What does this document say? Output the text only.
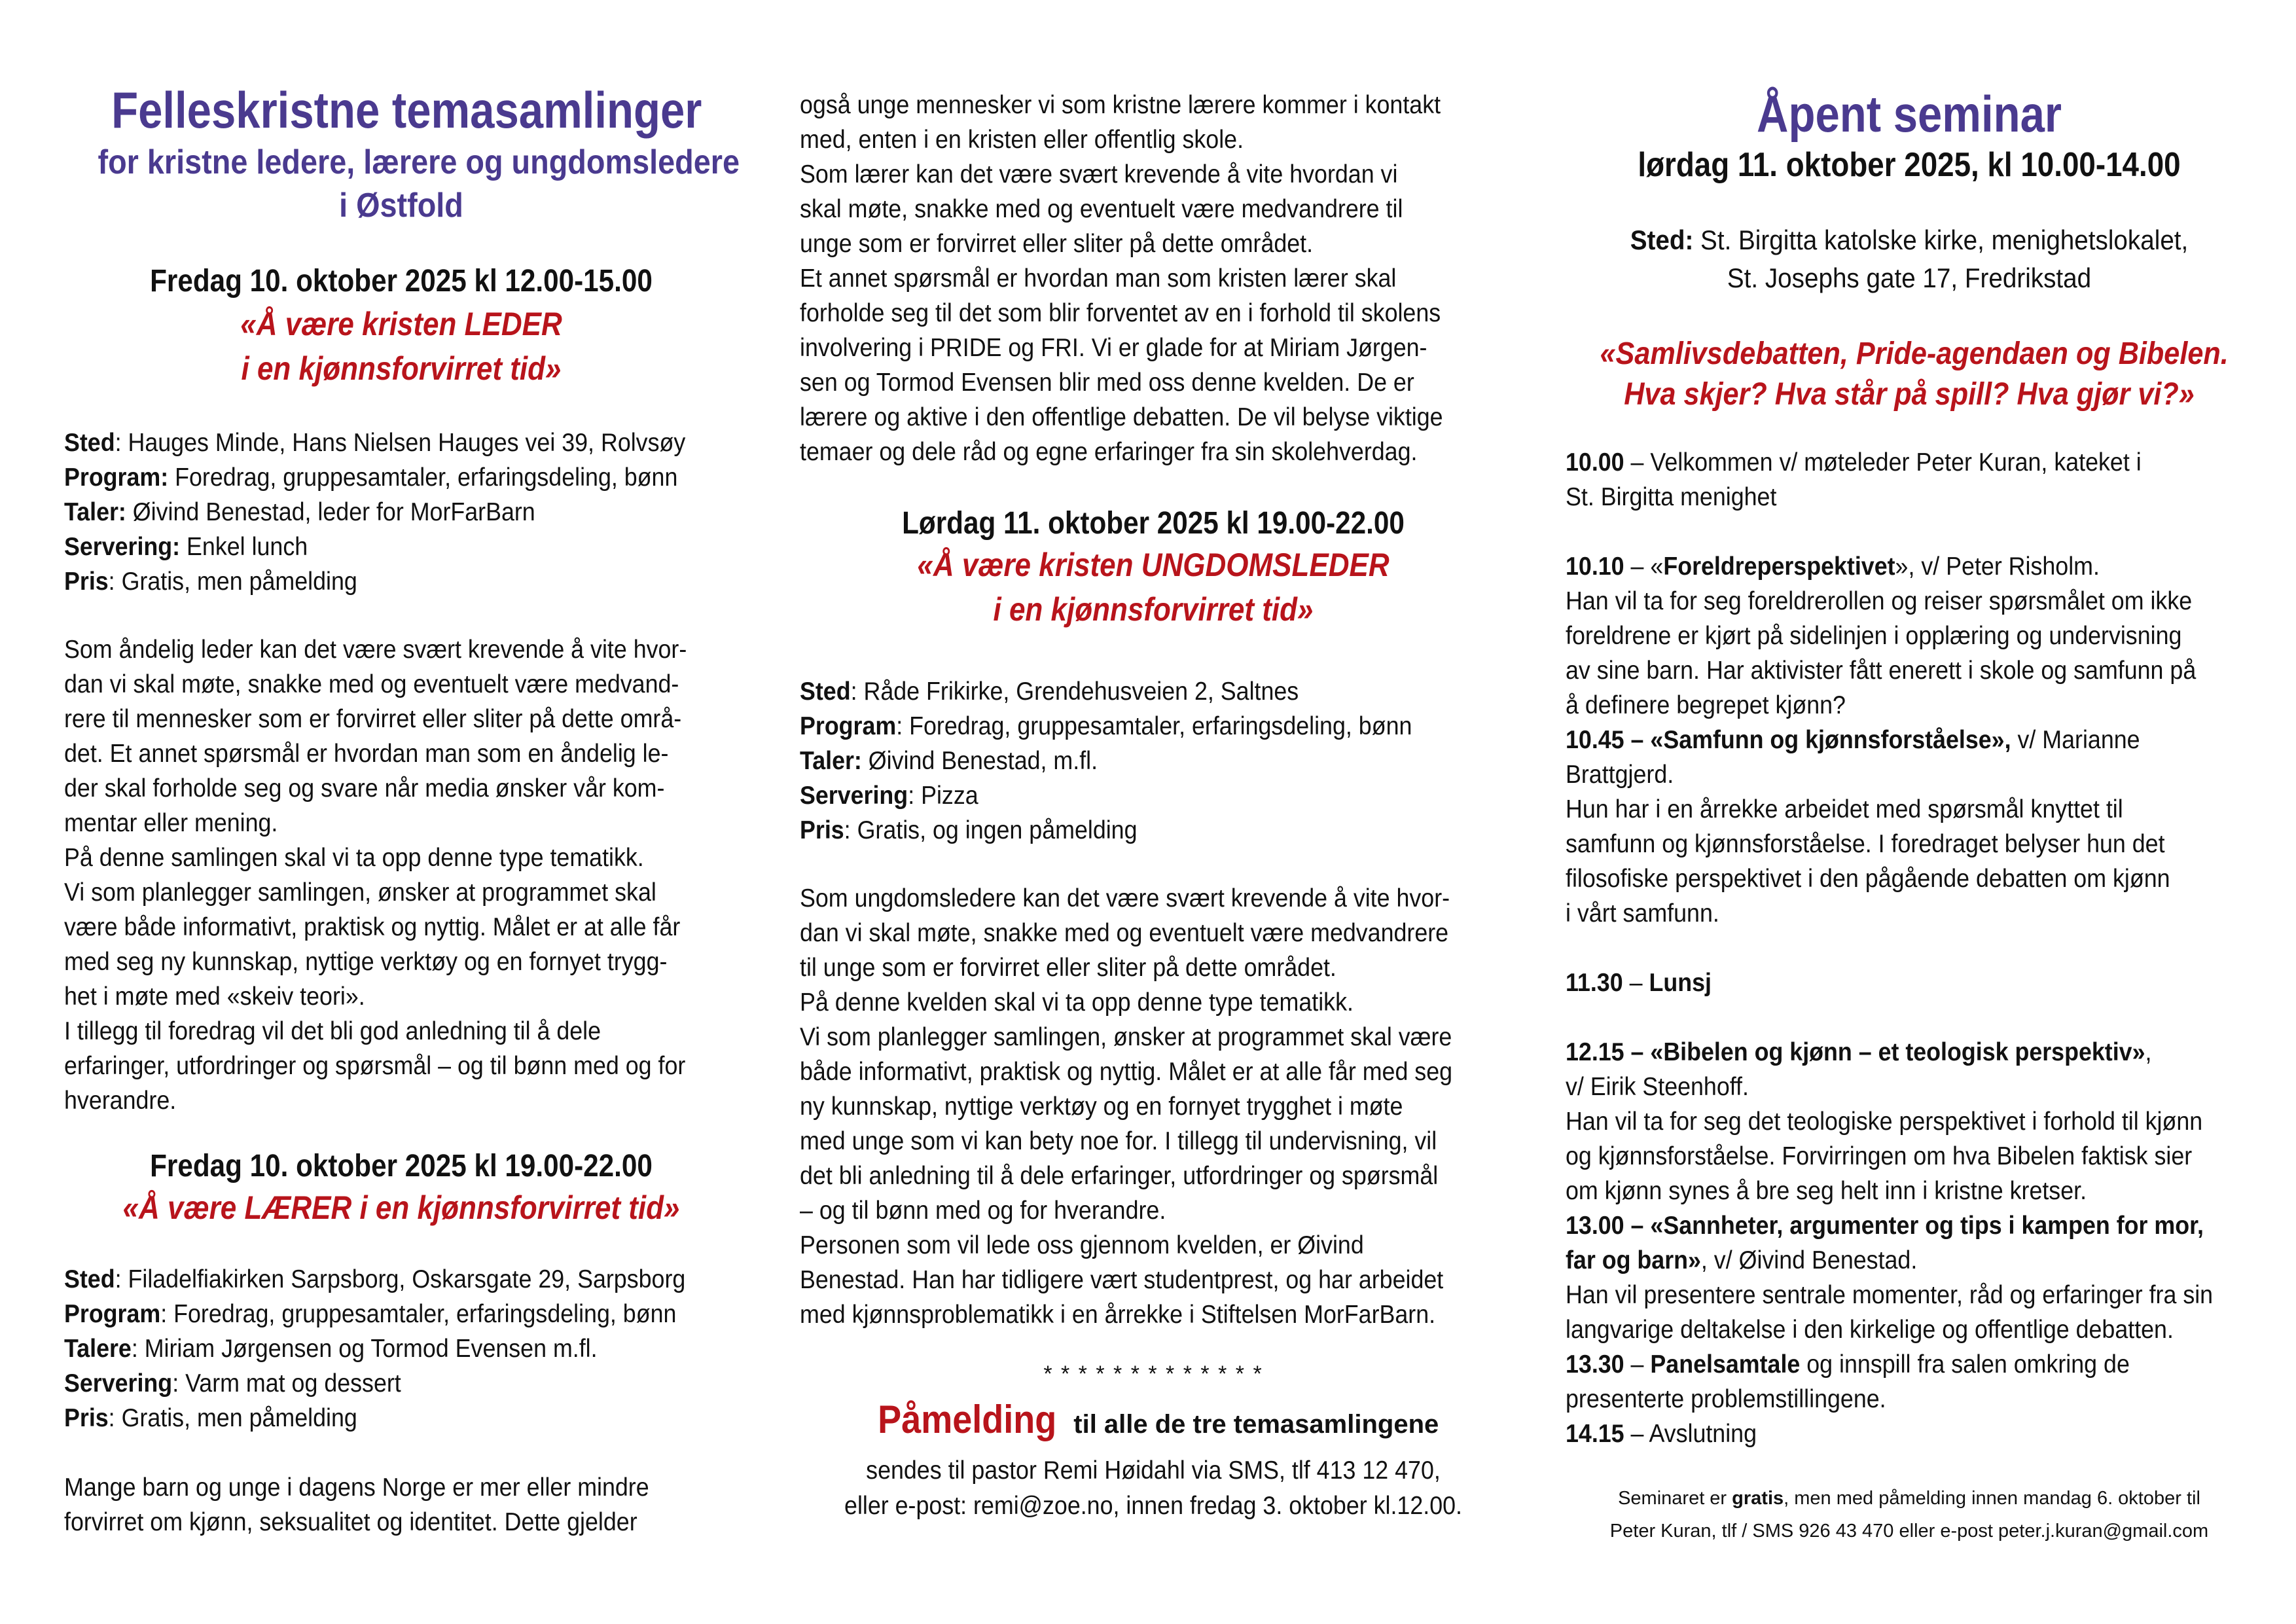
Felleskristne temasamlinger
for kristne ledere, lærere og ungdomsledere
i Østfold
Fredag 10. oktober 2025 kl 12.00-15.00
«Å være kristen LEDER
i en kjønnsforvirret tid»
Sted: Hauges Minde, Hans Nielsen Hauges vei 39, Rolvsøy
Program: Foredrag, gruppesamtaler, erfaringsdeling, bønn
Taler: Øivind Benestad, leder for MorFarBarn
Servering: Enkel lunch
Pris: Gratis, men påmelding
Som åndelig leder kan det være svært krevende å vite hvor-
dan vi skal møte, snakke med og eventuelt være medvand-
rere til mennesker som er forvirret eller sliter på dette områ-
det. Et annet spørsmål er hvordan man som en åndelig le-
der skal forholde seg og svare når media ønsker vår kom-
mentar eller mening.
På denne samlingen skal vi ta opp denne type tematikk.
Vi som planlegger samlingen, ønsker at programmet skal
være både informativt, praktisk og nyttig. Målet er at alle får
med seg ny kunnskap, nyttige verktøy og en fornyet trygg-
het i møte med «skeiv teori».
I tillegg til foredrag vil det bli god anledning til å dele
erfaringer, utfordringer og spørsmål – og til bønn med og for
hverandre.
Fredag 10. oktober 2025 kl 19.00-22.00
«Å være LÆRER i en kjønnsforvirret tid»
Sted: Filadelfiakirken Sarpsborg, Oskarsgate 29, Sarpsborg
Program: Foredrag, gruppesamtaler, erfaringsdeling, bønn
Talere: Miriam Jørgensen og Tormod Evensen m.fl.
Servering: Varm mat og dessert
Pris: Gratis, men påmelding
Mange barn og unge i dagens Norge er mer eller mindre
forvirret om kjønn, seksualitet og identitet. Dette gjelder
også unge mennesker vi som kristne lærere kommer i kontakt
med, enten i en kristen eller offentlig skole.
Som lærer kan det være svært krevende å vite hvordan vi
skal møte, snakke med og eventuelt være medvandrere til
unge som er forvirret eller sliter på dette området.
Et annet spørsmål er hvordan man som kristen lærer skal
forholde seg til det som blir forventet av en i forhold til skolens
involvering i PRIDE og FRI. Vi er glade for at Miriam Jørgen-
sen og Tormod Evensen blir med oss denne kvelden. De er
lærere og aktive i den offentlige debatten. De vil belyse viktige
temaer og dele råd og egne erfaringer fra sin skolehverdag.
Lørdag 11. oktober 2025 kl 19.00-22.00
«Å være kristen UNGDOMSLEDER
i en kjønnsforvirret tid»
Sted: Råde Frikirke, Grendehusveien 2, Saltnes
Program: Foredrag, gruppesamtaler, erfaringsdeling, bønn
Taler: Øivind Benestad, m.fl.
Servering: Pizza
Pris: Gratis, og ingen påmelding
Som ungdomsledere kan det være svært krevende å vite hvor-
dan vi skal møte, snakke med og eventuelt være medvandrere
til unge som er forvirret eller sliter på dette området.
På denne kvelden skal vi ta opp denne type tematikk.
Vi som planlegger samlingen, ønsker at programmet skal være
både informativt, praktisk og nyttig. Målet er at alle får med seg
ny kunnskap, nyttige verktøy og en fornyet trygghet i møte
med unge som vi kan bety noe for. I tillegg til undervisning, vil
det bli anledning til å dele erfaringer, utfordringer og spørsmål
– og til bønn med og for hverandre.
Personen som vil lede oss gjennom kvelden, er Øivind
Benestad. Han har tidligere vært studentprest, og har arbeidet
med kjønnsproblematikk i en årrekke i Stiftelsen MorFarBarn.
* * * * * * * * * * * * *
Påmelding til alle de tre temasamlingene
sendes til pastor Remi Høidahl via SMS, tlf 413 12 470,
eller e-post: remi@zoe.no, innen fredag 3. oktober kl.12.00.
Åpent seminar
lørdag 11. oktober 2025, kl 10.00-14.00
Sted: St. Birgitta katolske kirke, menighetslokalet,
St. Josephs gate 17, Fredrikstad
«Samlivsdebatten, Pride-agendaen og Bibelen.
Hva skjer? Hva står på spill? Hva gjør vi?»
10.00 – Velkommen v/ møteleder Peter Kuran, kateket i
St. Birgitta menighet

10.10 – «Foreldreperspektivet», v/ Peter Risholm.
Han vil ta for seg foreldrerollen og reiser spørsmålet om ikke
foreldrene er kjørt på sidelinjen i opplæring og undervisning
av sine barn. Har aktivister fått enerett i skole og samfunn på
å definere begrepet kjønn?
10.45 – «Samfunn og kjønnsforståelse», v/ Marianne
Brattgjerd.
Hun har i en årrekke arbeidet med spørsmål knyttet til
samfunn og kjønnsforståelse. I foredraget belyser hun det
filosofiske perspektivet i den pågående debatten om kjønn
i vårt samfunn.

11.30 – Lunsj

12.15 – «Bibelen og kjønn – et teologisk perspektiv»,
v/ Eirik Steenhoff.
Han vil ta for seg det teologiske perspektivet i forhold til kjønn
og kjønnsforståelse. Forvirringen om hva Bibelen faktisk sier
om kjønn synes å bre seg helt inn i kristne kretser.
13.00 – «Sannheter, argumenter og tips i kampen for mor,
far og barn», v/ Øivind Benestad.
Han vil presentere sentrale momenter, råd og erfaringer fra sin
langvarige deltakelse i den kirkelige og offentlige debatten.
13.30 – Panelsamtale og innspill fra salen omkring de
presenterte problemstillingene.
14.15 – Avslutning
Seminaret er gratis, men med påmelding innen mandag 6. oktober til
Peter Kuran, tlf / SMS 926 43 470 eller e-post peter.j.kuran@gmail.com
